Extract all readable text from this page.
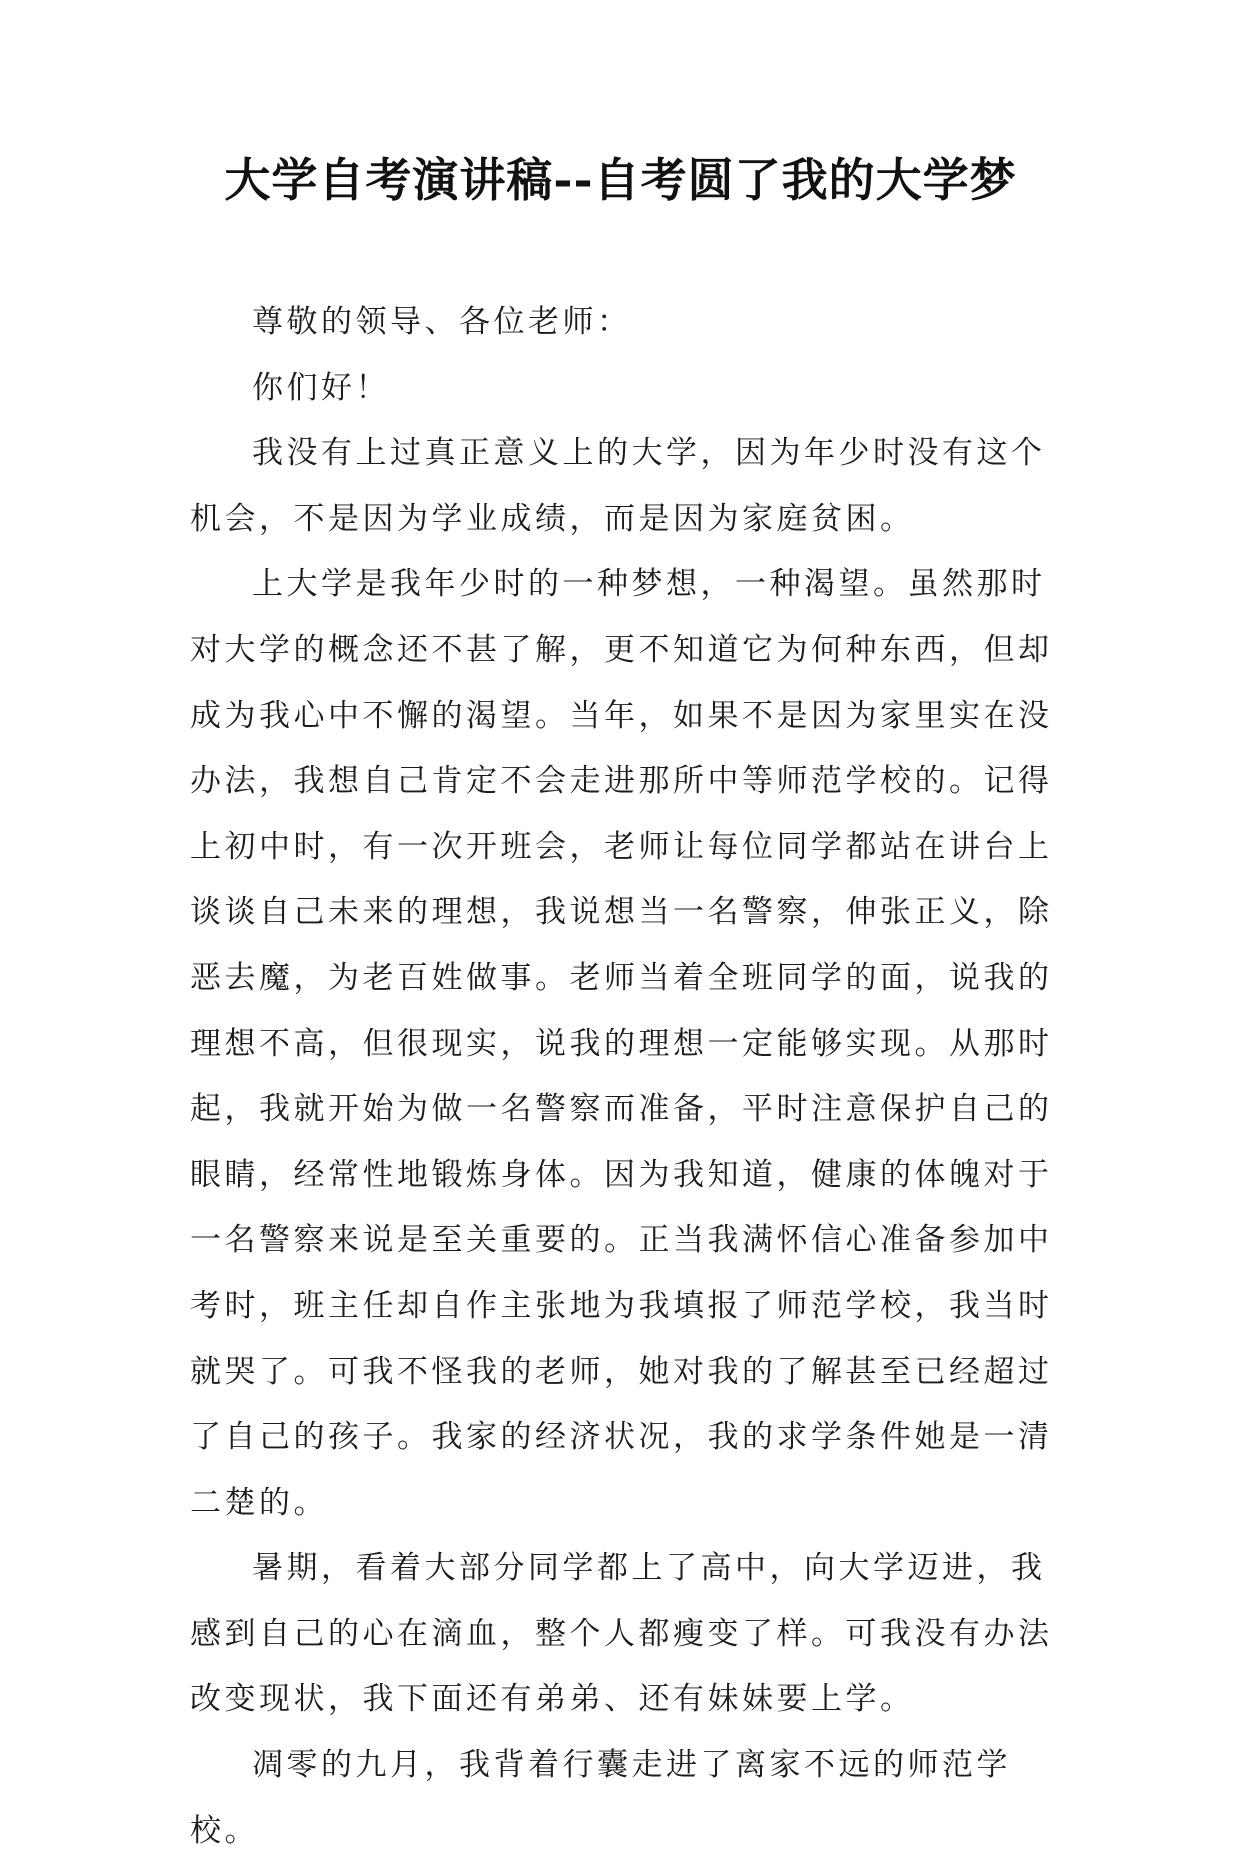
大学自考演讲稿--自考圆了我的大学梦

尊敬的领导、各位老师：

你们好！

我没有上过真正意义上的大学，因为年少时没有这个机会，不是因为学业成绩，而是因为家庭贫困。

上大学是我年少时的一种梦想，一种渴望。虽然那时对大学的概念还不甚了解，更不知道它为何种东西，但却成为我心中不懈的渴望。当年，如果不是因为家里实在没办法，我想自己肯定不会走进那所中等师范学校的。记得上初中时，有一次开班会，老师让每位同学都站在讲台上谈谈自己未来的理想，我说想当一名警察，伸张正义，除恶去魔，为老百姓做事。老师当着全班同学的面，说我的理想不高，但很现实，说我的理想一定能够实现。从那时起，我就开始为做一名警察而准备，平时注意保护自己的眼睛，经常性地锻炼身体。因为我知道，健康的体魄对于一名警察来说是至关重要的。正当我满怀信心准备参加中考时，班主任却自作主张地为我填报了师范学校，我当时就哭了。可我不怪我的老师，她对我的了解甚至已经超过了自己的孩子。我家的经济状况，我的求学条件她是一清二楚的。

暑期，看着大部分同学都上了高中，向大学迈进，我感到自己的心在滴血，整个人都瘦变了样。可我没有办法改变现状，我下面还有弟弟、还有妹妹要上学。

凋零的九月，我背着行囊走进了离家不远的师范学校。
